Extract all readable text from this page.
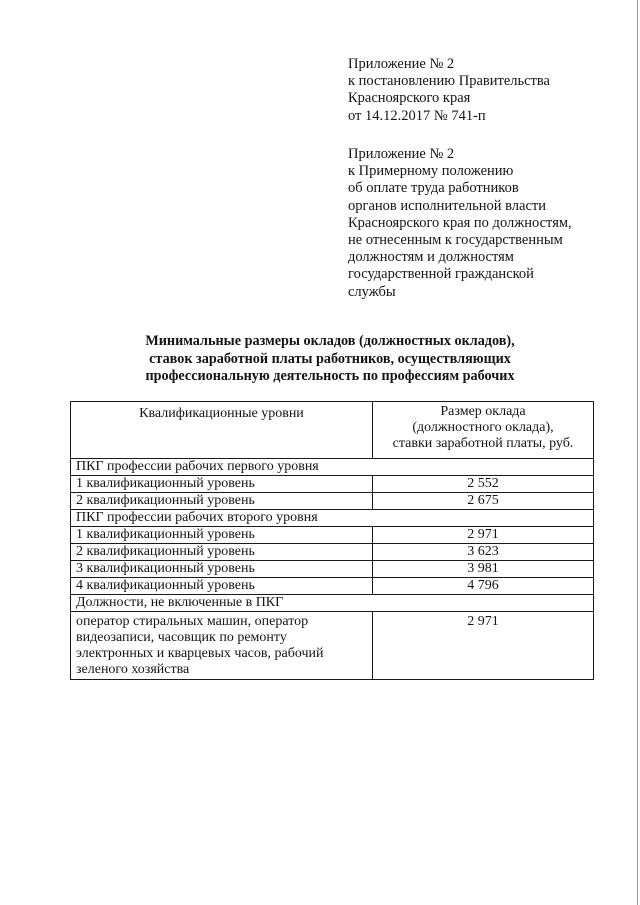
Приложение № 2
к постановлению Правительства
Красноярского края
от 14.12.2017 № 741-п
Приложение № 2
к Примерному положению
об оплате труда работников
органов исполнительной власти
Красноярского края по должностям,
не отнесенным к государственным
должностям и должностям
государственной гражданской
службы
Минимальные размеры окладов (должностных окладов),
ставок заработной платы работников, осуществляющих
профессиональную деятельность по профессиям рабочих
Квалификационные уровни	Размер оклада
(должностного оклада),
ставки заработной платы, руб.

ПКГ профессии рабочих первого уровня	
1 квалификационный уровень	2 552
2 квалификационный уровень	2 675
ПКГ профессии рабочих второго уровня	
1 квалификационный уровень	2 971
2 квалификационный уровень	3 623
3 квалификационный уровень	3 981
4 квалификационный уровень	4 796
Должности, не включенные в ПКГ	

оператор стиральных машин, оператор
видеозаписи, часовщик по ремонту
электронных и кварцевых часов, рабочий
зеленого хозяйства	2 971
